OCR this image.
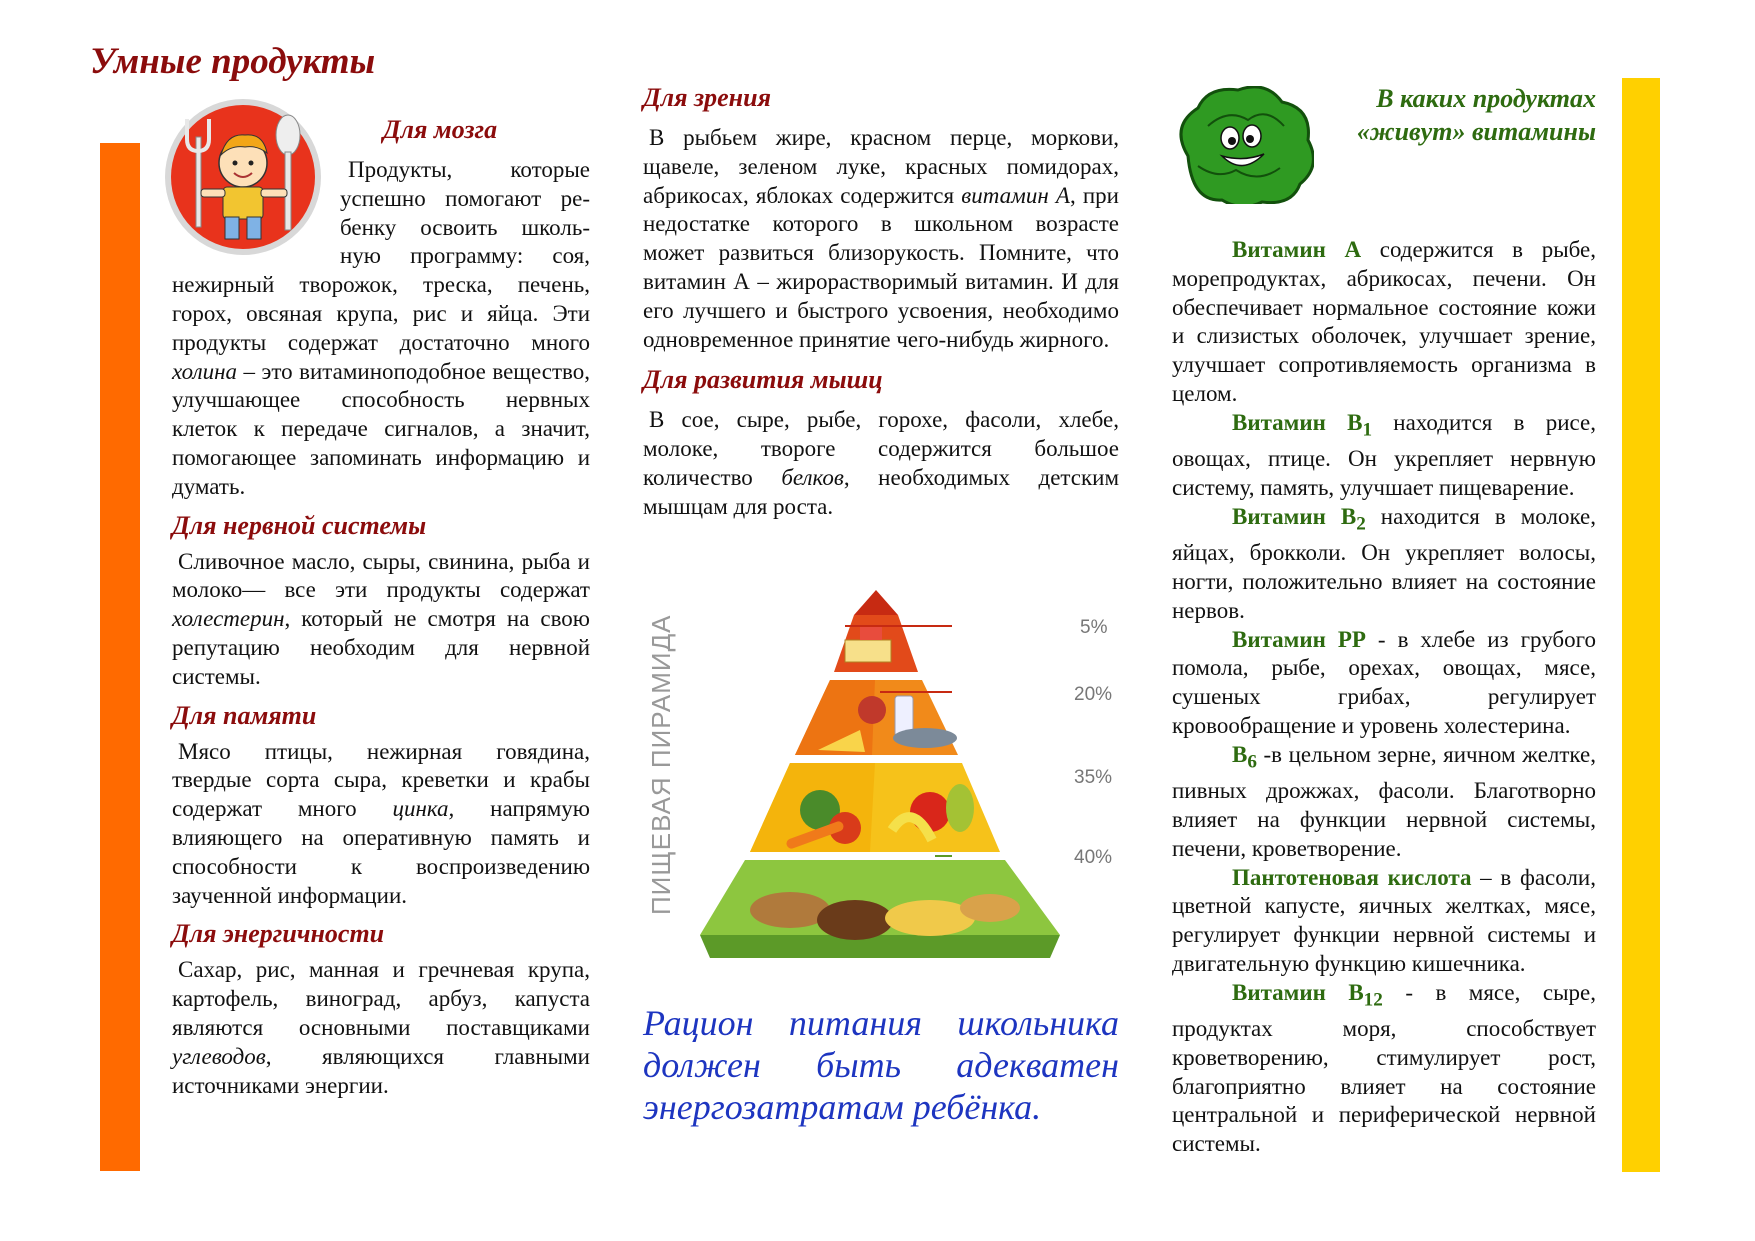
Умные продукты

Для мозга

Продукты, которые

успешно помогают ре-

бенку освоить школь-

ную программу: соя,

нежирный творожок, треска, печень, горох, овсяная крупа, рис и яйца. Эти продукты содержат достаточно много холина – это витаминоподобное вещество, улучшающее способность нервных клеток к передаче сигналов, а значит, помогающее запоминать информацию и думать.

Для нервной системы

Сливочное масло, сыры, свинина, рыба и молоко— все эти продукты содержат холестерин, который не смотря на свою репутацию необходим для нервной системы.

Для памяти

Мясо птицы, нежирная говядина, твердые сорта сыра, креветки и крабы содержат много цинка, напрямую влияющего на оперативную память и способности к воспроизведению заученной информации.

Для энергичности

Сахар, рис, манная и гречневая крупа, картофель, виноград, арбуз, капуста являются основными поставщиками углеводов, являющихся главными источниками энергии.

Для зрения

В рыбьем жире, красном перце, моркови, щавеле, зеленом луке, красных помидорах, абрикосах, яблоках содержится витамин А, при недостатке которого в школьном возрасте может развиться близорукость. Помните, что витамин А – жирорастворимый витамин. И для его лучшего и быстрого усвоения, необходимо одновременное принятие чего-нибудь жирного.

Для развития мышц

В сое, сыре, рыбе, горохе, фасоли, хлебе, молоке, твороге содержится большое количество белков, необходимых детским мышцам для роста.

ПИЩЕВАЯ ПИРАМИДА	5%
20%
35%
40%
Рацион питания школьника должен быть адекватен энергозатратам ребёнка.
В каких продуктах
«живут» витамины

Витамин А содержится в рыбе, морепродуктах, абрикосах, печени. Он обеспечивает нормальное состояние кожи и слизистых оболочек, улучшает зрение, улучшает сопротивляемость организма в целом.

Витамин $В_1$ находится в рисе, овощах, птице. Он укрепляет нервную систему, память, улучшает пищеварение.

Витамин $В_2$ находится в молоке, яйцах, брокколи. Он укрепляет волосы, ногти, положительно влияет на состояние нервов.

Витамин РР - в хлебе из грубого помола, рыбе, орехах, овощах, мясе, сушеных грибах, регулирует кровообращение и уровень холестерина.

$В_6$ -в цельном зерне, яичном желтке, пивных дрожжах, фасоли. Благотворно влияет на функции нервной системы, печени, кроветворение.

Пантотеновая кислота – в фасоли, цветной капусте, яичных желтках, мясе, регулирует функции нервной системы и двигательную функцию кишечника.

Витамин $В_{12}$ - в мясе, сыре, продуктах моря, способствует кроветворению, стимулирует рост, благоприятно влияет на состояние центральной и периферической нервной системы.
